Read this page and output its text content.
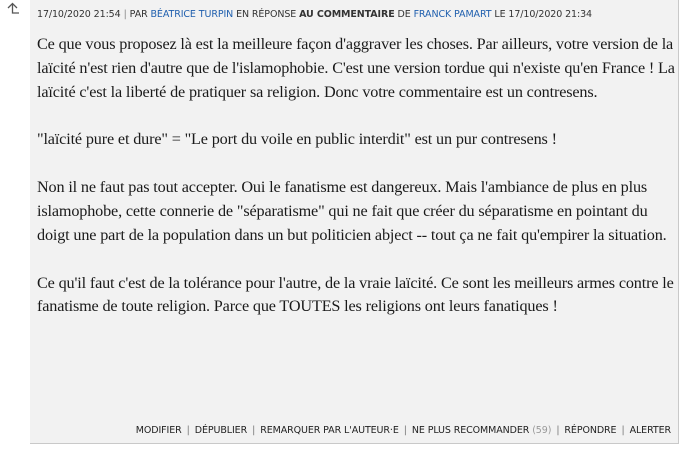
17/10/2020 21:54 | PAR BÉATRICE TURPIN EN RÉPONSE AU COMMENTAIRE DE FRANCK PAMART LE 17/10/2020 21:34

Ce que vous proposez là est la meilleure façon d'aggraver les choses. Par ailleurs, votre version de la laïcité n'est rien d'autre que de l'islamophobie. C'est une version tordue qui n'existe qu'en France ! La laïcité c'est la liberté de pratiquer sa religion. Donc votre commentaire est un contresens.

"laïcité pure et dure" = "Le port du voile en public interdit" est un pur contresens !

Non il ne faut pas tout accepter. Oui le fanatisme est dangereux. Mais l'ambiance de plus en plus islamophobe, cette connerie de "séparatisme" qui ne fait que créer du séparatisme en pointant du doigt une part de la population dans un but politicien abject -- tout ça ne fait qu'empirer la situation.

Ce qu'il faut c'est de la tolérance pour l'autre, de la vraie laïcité. Ce sont les meilleurs armes contre le fanatisme de toute religion. Parce que TOUTES les religions ont leurs fanatiques !

MODIFIER | DÉPUBLIER | REMARQUER PAR L'AUTEUR·E | NE PLUS RECOMMANDER (59) | RÉPONDRE | ALERTER
